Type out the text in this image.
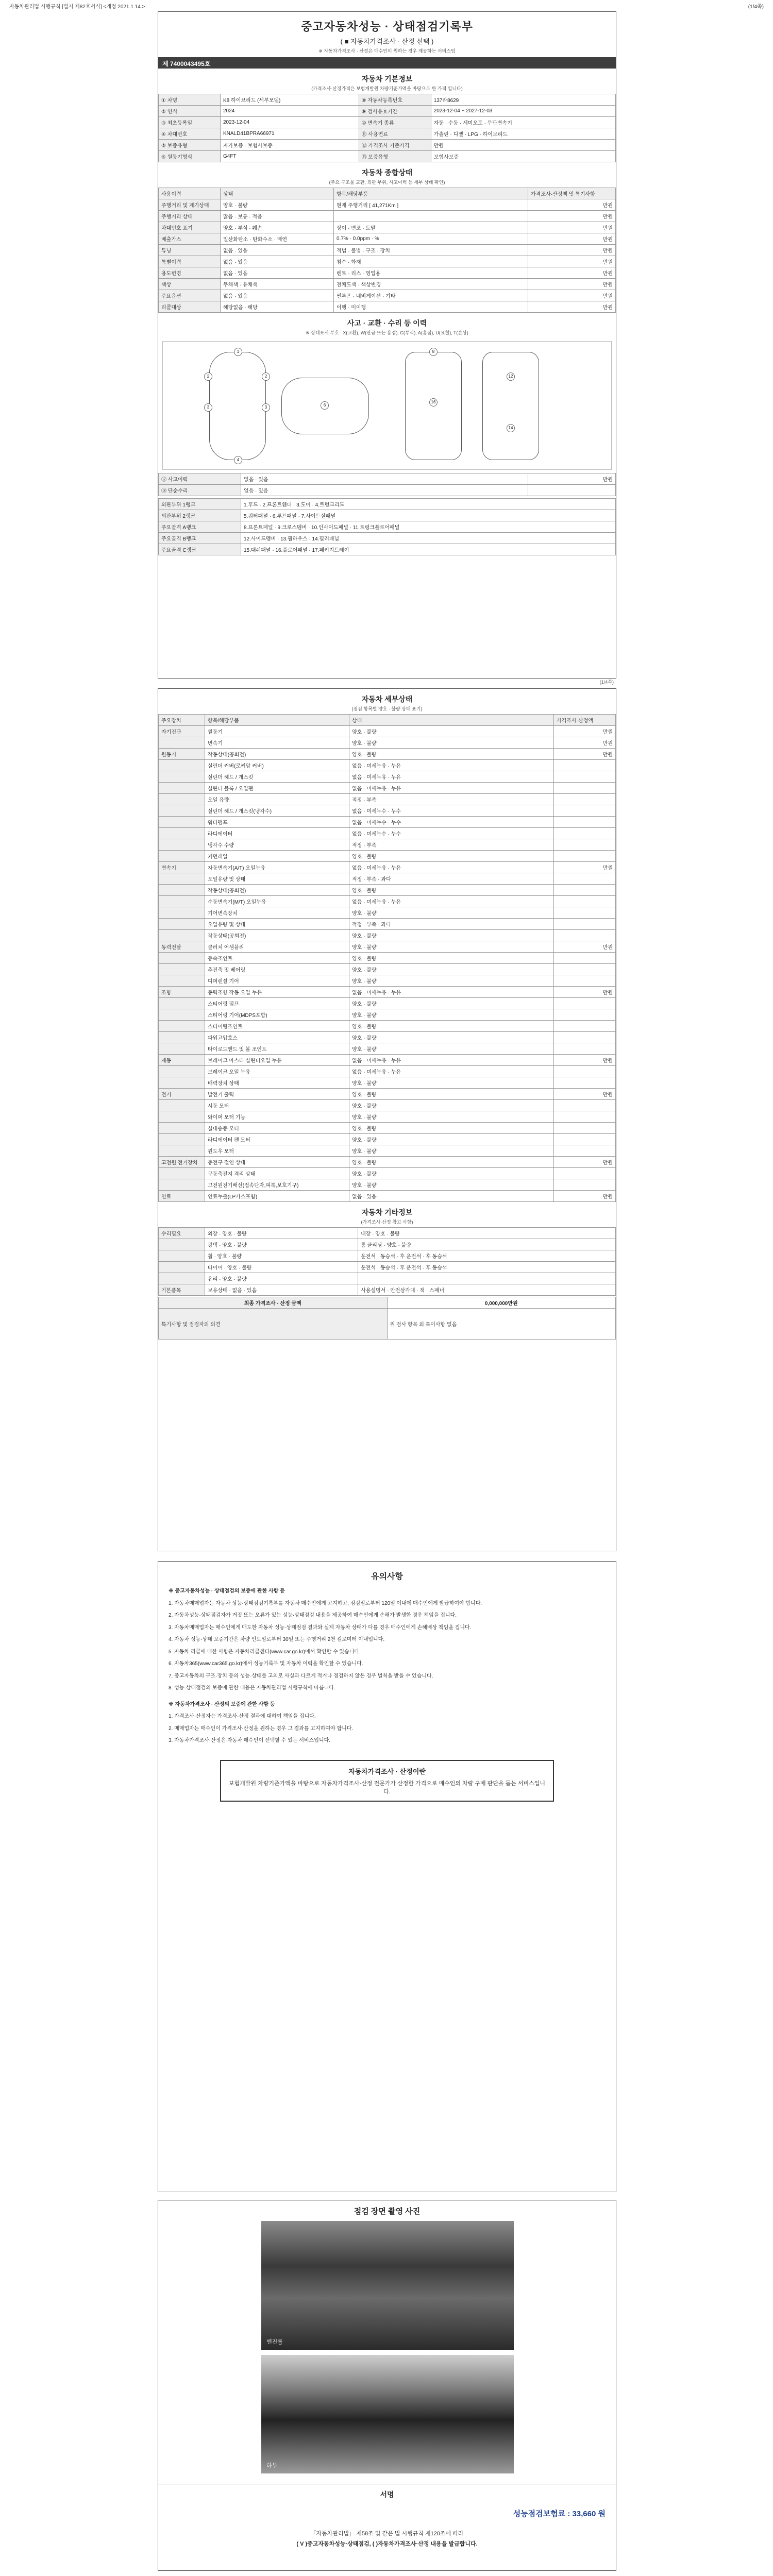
자동차관리법 시행규칙 [별지 제82호서식] <개정 2021.1.14.>	(1/4쪽)
중고자동차성능 · 상태점검기록부
( ■ 자동차가격조사 · 산정 선택 )
※ 자동차가격조사 · 산정은 매수인이 원하는 경우 제공하는 서비스임
제 7400043495호
자동차 기본정보
(가격조사·산정가격은 보험개발원 차량기준가액을 바탕으로 한 가격 입니다)
① 차명	K8 하이브리드 (세부모델)	⑧ 자동차등록번호	137라8629
② 연식	2024	⑨ 검사유효기간	2023-12-04 ~ 2027-12-03
③ 최초등록일	2023-12-04	⑩ 변속기 종류	자동 · 수동 · 세미오토 · 무단변속기
④ 차대번호	KNALD41BPRA66971	⑪ 사용연료	가솔린 · 디젤 · LPG · 하이브리드
⑤ 보증유형	자가보증 · 보험사보증	⑫ 가격조사 기준가격	만원
⑥ 원동기형식	G4FT	⑬ 보증유형	보험사보증
자동차 종합상태
(주요 구조물 교환, 외판 부위, 사고이력 등 세부 상태 확인)
사용이력	상태	항목/해당부품	가격조사·산정액 및 특기사항
주행거리 및 계기상태	양호 · 불량	현재 주행거리 [ 41,271Km ]	만원
주행거리 상태	많음 · 보통 · 적음		만원
차대번호 표기	양호 · 부식 · 훼손	상이 · 변조 · 도말	만원
배출가스	일산화탄소 · 탄화수소 · 매연	0.7% · 0.0ppm · %	만원
튜닝	없음 · 있음	적법 · 불법 · 구조 · 장치	만원
특별이력	없음 · 있음	침수 · 화재	만원
용도변경	없음 · 있음	렌트 · 리스 · 영업용	만원
색상	무채색 · 유채색	전체도색 · 색상변경	만원
주요옵션	없음 · 있음	썬루프 · 네비게이션 · 기타	만원
리콜대상	해당없음 · 해당	이행 · 미이행	만원
사고 · 교환 · 수리 등 이력
※ 상태표시 부호 : X(교환), W(판금 또는 용접), C(부식), A(흠집), U(요철), T(손상)
1
2	2
3	3
4
6
8
16
12
14
⑰ 사고이력	없음 · 있음	만원
⑱ 단순수리	없음 · 있음	
외판부위 1랭크	1.후드 · 2.프론트휀더 · 3.도어 · 4.트렁크리드
외판부위 2랭크	5.쿼터패널 · 6.루프패널 · 7.사이드실패널
주요골격 A랭크	8.프론트패널 · 9.크로스멤버 · 10.인사이드패널 · 11.트렁크플로어패널
주요골격 B랭크	12.사이드멤버 · 13.휠하우스 · 14.필러패널
주요골격 C랭크	15.대쉬패널 · 16.플로어패널 · 17.패키지트레이
(1/4쪽)
자동차 세부상태
(점검 항목별 양호 · 불량 상태 표기)
주요장치	항목/해당부품	상태	가격조사·산정액
자기진단	원동기	양호 · 불량	만원
	변속기	양호 · 불량	만원
원동기	작동상태(공회전)	양호 · 불량	만원
	실린더 커버(로커암 커버)	없음 · 미세누유 · 누유	
	실린더 헤드 / 개스킷	없음 · 미세누유 · 누유	
	실린더 블록 / 오일팬	없음 · 미세누유 · 누유	
	오일 유량	적정 · 부족	
	실린더 헤드 / 개스킷(냉각수)	없음 · 미세누수 · 누수	
	워터펌프	없음 · 미세누수 · 누수	
	라디에이터	없음 · 미세누수 · 누수	
	냉각수 수량	적정 · 부족	
	커먼레일	양호 · 불량	
변속기	자동변속기(A/T) 오일누유	없음 · 미세누유 · 누유	만원
	오일유량 및 상태	적정 · 부족 · 과다	
	작동상태(공회전)	양호 · 불량	
	수동변속기(M/T) 오일누유	없음 · 미세누유 · 누유	
	기어변속장치	양호 · 불량	
	오일유량 및 상태	적정 · 부족 · 과다	
	작동상태(공회전)	양호 · 불량	
동력전달	클러치 어셈블리	양호 · 불량	만원
	등속조인트	양호 · 불량	
	추진축 및 베어링	양호 · 불량	
	디퍼렌셜 기어	양호 · 불량	
조향	동력조향 작동 오일 누유	없음 · 미세누유 · 누유	만원
	스티어링 펌프	양호 · 불량	
	스티어링 기어(MDPS포함)	양호 · 불량	
	스티어링조인트	양호 · 불량	
	파워고압호스	양호 · 불량	
	타이로드엔드 및 볼 조인트	양호 · 불량	
제동	브레이크 마스터 실린더오일 누유	없음 · 미세누유 · 누유	만원
	브레이크 오일 누유	없음 · 미세누유 · 누유	
	배력장치 상태	양호 · 불량	
전기	발전기 출력	양호 · 불량	만원
	시동 모터	양호 · 불량	
	와이퍼 모터 기능	양호 · 불량	
	실내송풍 모터	양호 · 불량	
	라디에이터 팬 모터	양호 · 불량	
	윈도우 모터	양호 · 불량	
고전원 전기장치	충전구 절연 상태	양호 · 불량	만원
	구동축전지 격리 상태	양호 · 불량	
	고전원전기배선(접속단자,피복,보호기구)	양호 · 불량	
연료	연료누출(LP가스포함)	없음 · 있음	만원
자동차 기타정보
(가격조사·산정 참고 사항)
수리필요	외장 · 양호 · 불량	내장 · 양호 · 불량
	광택 · 양호 · 불량	룸 클리닝 · 양호 · 불량
	휠 · 양호 · 불량	운전석 · 동승석 · 후 운전석 · 후 동승석
	타이어 · 양호 · 불량	운전석 · 동승석 · 후 운전석 · 후 동승석
	유리 · 양호 · 불량	
기본품목	보유상태 · 없음 · 있음	사용설명서 · 안전삼각대 · 잭 · 스패너
최종 가격조사 · 산정 금액	0,000,000만원
특기사항 및 점검자의 의견	위 검사 항목 외 특이사항 없음
유의사항

※ 중고자동차성능 · 상태점검의 보증에 관한 사항 등

1. 자동차매매업자는 자동차 성능·상태점검기록부를 자동차 매수인에게 고지하고, 점검일로부터 120일 이내에 매수인에게 발급하여야 합니다.

2. 자동차성능·상태점검자가 거짓 또는 오류가 있는 성능·상태점검 내용을 제공하여 매수인에게 손해가 발생한 경우 책임을 집니다.

3. 자동차매매업자는 매수인에게 매도한 자동차 성능·상태점검 결과와 실제 자동차 상태가 다를 경우 매수인에게 손해배상 책임을 집니다.

4. 자동차 성능·상태 보증기간은 차량 인도일로부터 30일 또는 주행거리 2천 킬로미터 이내입니다.

5. 자동차 리콜에 대한 사항은 자동차리콜센터(www.car.go.kr)에서 확인할 수 있습니다.

6. 자동차365(www.car365.go.kr)에서 성능기록부 및 자동차 이력을 확인할 수 있습니다.

7. 중고자동차의 구조·장치 등의 성능·상태를 고의로 사실과 다르게 적거나 점검하지 않은 경우 벌칙을 받을 수 있습니다.

8. 성능·상태점검의 보증에 관한 내용은 자동차관리법 시행규칙에 따릅니다.

※ 자동차가격조사 · 산정의 보증에 관한 사항 등

1. 가격조사·산정자는 가격조사·산정 결과에 대하여 책임을 집니다.

2. 매매업자는 매수인이 가격조사·산정을 원하는 경우 그 결과를 고지하여야 합니다.

3. 자동차가격조사·산정은 자동차 매수인이 선택할 수 있는 서비스입니다.

자동차가격조사 · 산정이란
보험개발원 차량기준가액을 바탕으로 자동차가격조사·산정 전문가가 산정한 가격으로 매수인의 차량 구매 판단을 돕는 서비스입니다.
점검 장면 촬영 사진
엔진룸
하부
서명
성능점검보험료 : 33,660 원
「자동차관리법」 제58조 및 같은 법 시행규칙 제120조에 따라
( V )중고자동차성능·상태점검, ( )자동차가격조사·산정 내용을 발급합니다.
